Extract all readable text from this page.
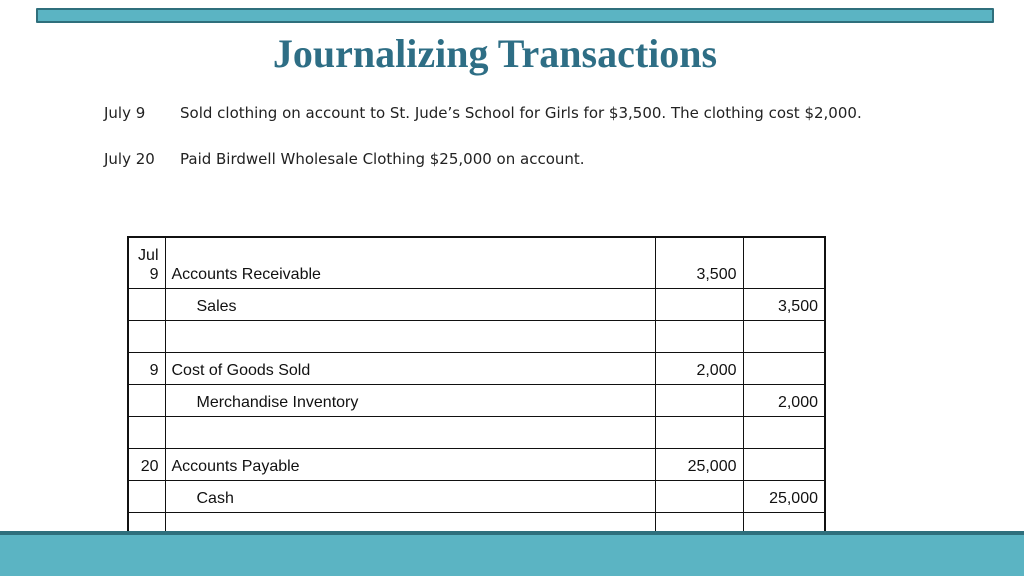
Journalizing Transactions
July 9 Sold clothing on account to St. Jude’s School for Girls for $3,500. The clothing cost $2,000.
July 20 Paid Birdwell Wholesale Clothing $25,000 on account.
Jul
9	Accounts Receivable	3,500	
	Sales		3,500

9	Cost of Goods Sold	2,000	
	Merchandise Inventory		2,000

20	Accounts Payable	25,000	
	Cash		25,000
